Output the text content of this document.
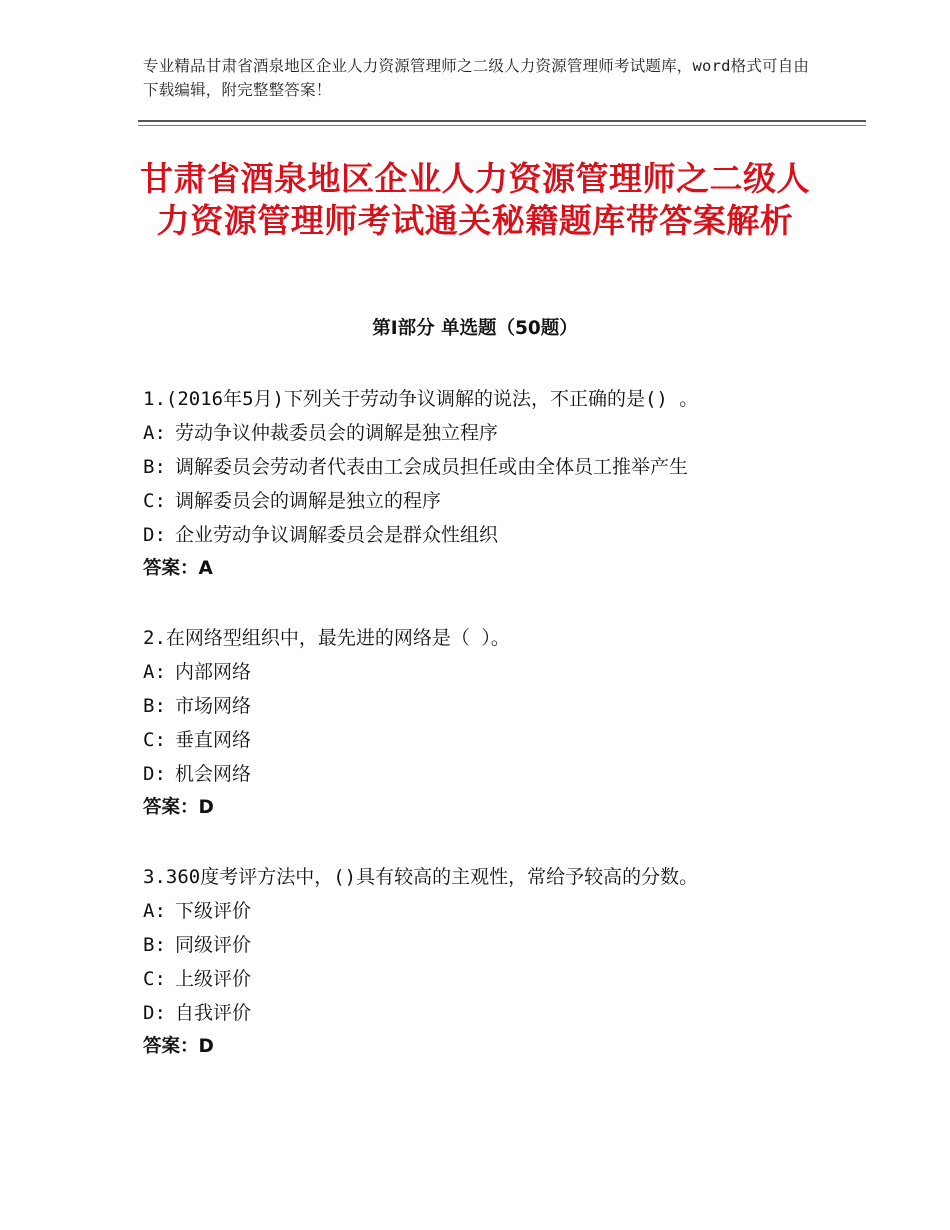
专业精品甘肃省酒泉地区企业人力资源管理师之二级人力资源管理师考试题库，word格式可自由下载编辑，附完整整答案！
甘肃省酒泉地区企业人力资源管理师之二级人力资源管理师考试通关秘籍题库带答案解析
第Ⅰ部分 单选题（50题）
1.(2016年5月)下列关于劳动争议调解的说法，不正确的是() 。
A: 劳动争议仲裁委员会的调解是独立程序
B: 调解委员会劳动者代表由工会成员担任或由全体员工推举产生
C: 调解委员会的调解是独立的程序
D: 企业劳动争议调解委员会是群众性组织
答案：A
2.在网络型组织中，最先进的网络是（ ）。
A: 内部网络
B: 市场网络
C: 垂直网络
D: 机会网络
答案：D
3.360度考评方法中，()具有较高的主观性，常给予较高的分数。
A: 下级评价
B: 同级评价
C: 上级评价
D: 自我评价
答案：D
